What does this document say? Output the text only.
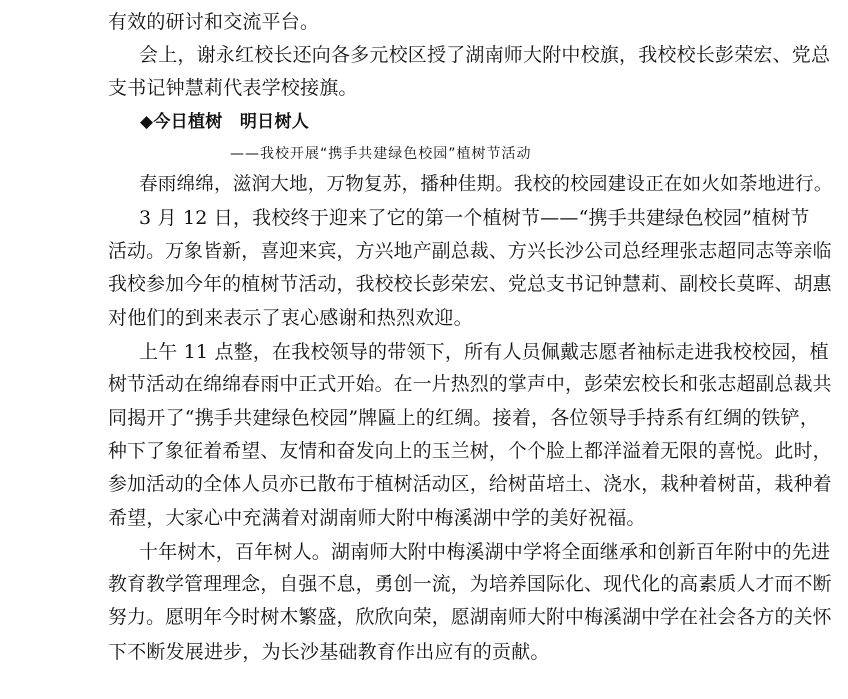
有效的研讨和交流平台。
会上，谢永红校长还向各多元校区授了湖南师大附中校旗，我校校长彭荣宏、党总
支书记钟慧莉代表学校接旗。
◆今日植树　明日树人
——我校开展“携手共建绿色校园”植树节活动
春雨绵绵，滋润大地，万物复苏，播种佳期。我校的校园建设正在如火如荼地进行。
3 月 12 日，我校终于迎来了它的第一个植树节——“携手共建绿色校园”植树节
活动。万象皆新，喜迎来宾，方兴地产副总裁、方兴长沙公司总经理张志超同志等亲临
我校参加今年的植树节活动，我校校长彭荣宏、党总支书记钟慧莉、副校长莫晖、胡惠
对他们的到来表示了衷心感谢和热烈欢迎。
上午 11 点整，在我校领导的带领下，所有人员佩戴志愿者袖标走进我校校园，植
树节活动在绵绵春雨中正式开始。在一片热烈的掌声中，彭荣宏校长和张志超副总裁共
同揭开了“携手共建绿色校园”牌匾上的红绸。接着，各位领导手持系有红绸的铁铲，
种下了象征着希望、友情和奋发向上的玉兰树，个个脸上都洋溢着无限的喜悦。此时，
参加活动的全体人员亦已散布于植树活动区，给树苗培土、浇水，栽种着树苗，栽种着
希望，大家心中充满着对湖南师大附中梅溪湖中学的美好祝福。
十年树木，百年树人。湖南师大附中梅溪湖中学将全面继承和创新百年附中的先进
教育教学管理理念，自强不息，勇创一流，为培养国际化、现代化的高素质人才而不断
努力。愿明年今时树木繁盛，欣欣向荣，愿湖南师大附中梅溪湖中学在社会各方的关怀
下不断发展进步，为长沙基础教育作出应有的贡献。
